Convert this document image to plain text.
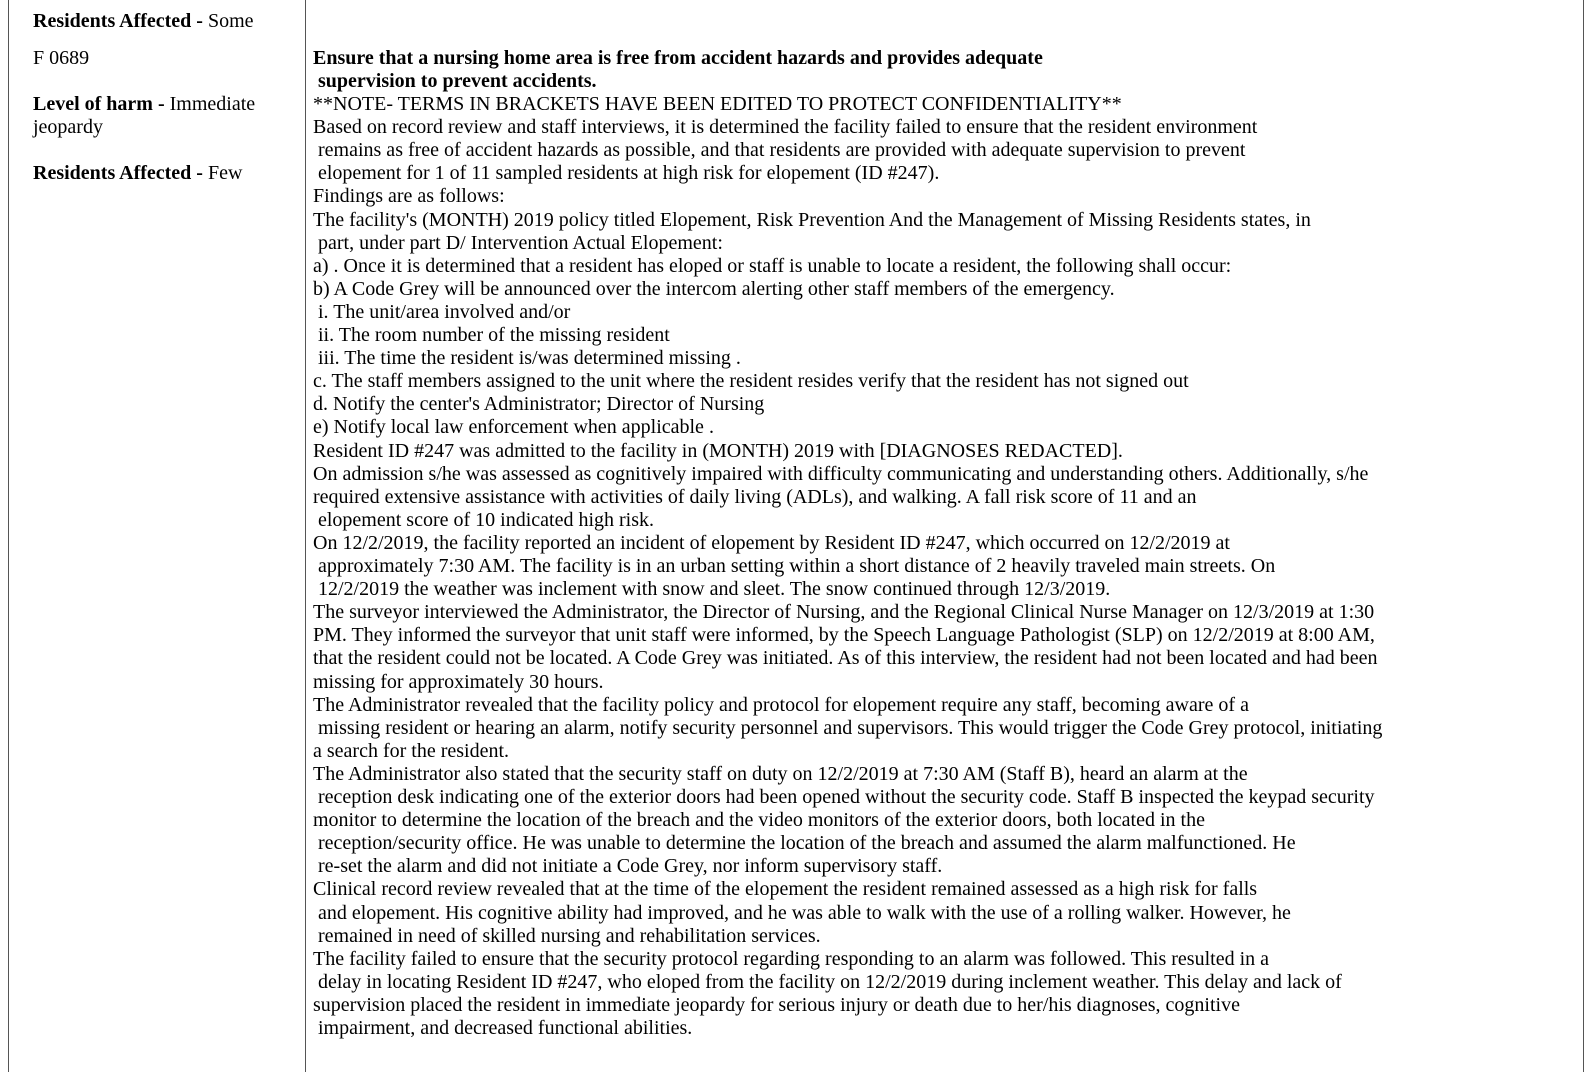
Residents Affected - Some
F 0689
Level of harm - Immediate
jeopardy
Residents Affected - Few
Ensure that a nursing home area is free from accident hazards and provides adequate
supervision to prevent accidents.
**NOTE- TERMS IN BRACKETS HAVE BEEN EDITED TO PROTECT CONFIDENTIALITY**
Based on record review and staff interviews, it is determined the facility failed to ensure that the resident environment
remains as free of accident hazards as possible, and that residents are provided with adequate supervision to prevent
elopement for 1 of 11 sampled residents at high risk for elopement (ID #247).
Findings are as follows:
The facility's (MONTH) 2019 policy titled Elopement, Risk Prevention And the Management of Missing Residents states, in
part, under part D/ Intervention Actual Elopement:
a) . Once it is determined that a resident has eloped or staff is unable to locate a resident, the following shall occur:
b) A Code Grey will be announced over the intercom alerting other staff members of the emergency.
i. The unit/area involved and/or
ii. The room number of the missing resident
iii. The time the resident is/was determined missing .
c. The staff members assigned to the unit where the resident resides verify that the resident has not signed out
d. Notify the center's Administrator; Director of Nursing
e) Notify local law enforcement when applicable .
Resident ID #247 was admitted to the facility in (MONTH) 2019 with [DIAGNOSES REDACTED].
On admission s/he was assessed as cognitively impaired with difficulty communicating and understanding others. Additionally, s/he
required extensive assistance with activities of daily living (ADLs), and walking. A fall risk score of 11 and an
elopement score of 10 indicated high risk.
On 12/2/2019, the facility reported an incident of elopement by Resident ID #247, which occurred on 12/2/2019 at
approximately 7:30 AM. The facility is in an urban setting within a short distance of 2 heavily traveled main streets. On
12/2/2019 the weather was inclement with snow and sleet. The snow continued through 12/3/2019.
The surveyor interviewed the Administrator, the Director of Nursing, and the Regional Clinical Nurse Manager on 12/3/2019 at 1:30
PM. They informed the surveyor that unit staff were informed, by the Speech Language Pathologist (SLP) on 12/2/2019 at 8:00 AM,
that the resident could not be located. A Code Grey was initiated. As of this interview, the resident had not been located and had been
missing for approximately 30 hours.
The Administrator revealed that the facility policy and protocol for elopement require any staff, becoming aware of a
missing resident or hearing an alarm, notify security personnel and supervisors. This would trigger the Code Grey protocol, initiating
a search for the resident.
The Administrator also stated that the security staff on duty on 12/2/2019 at 7:30 AM (Staff B), heard an alarm at the
reception desk indicating one of the exterior doors had been opened without the security code. Staff B inspected the keypad security
monitor to determine the location of the breach and the video monitors of the exterior doors, both located in the
reception/security office. He was unable to determine the location of the breach and assumed the alarm malfunctioned. He
re-set the alarm and did not initiate a Code Grey, nor inform supervisory staff.
Clinical record review revealed that at the time of the elopement the resident remained assessed as a high risk for falls
and elopement. His cognitive ability had improved, and he was able to walk with the use of a rolling walker. However, he
remained in need of skilled nursing and rehabilitation services.
The facility failed to ensure that the security protocol regarding responding to an alarm was followed. This resulted in a
delay in locating Resident ID #247, who eloped from the facility on 12/2/2019 during inclement weather. This delay and lack of
supervision placed the resident in immediate jeopardy for serious injury or death due to her/his diagnoses, cognitive
impairment, and decreased functional abilities.
